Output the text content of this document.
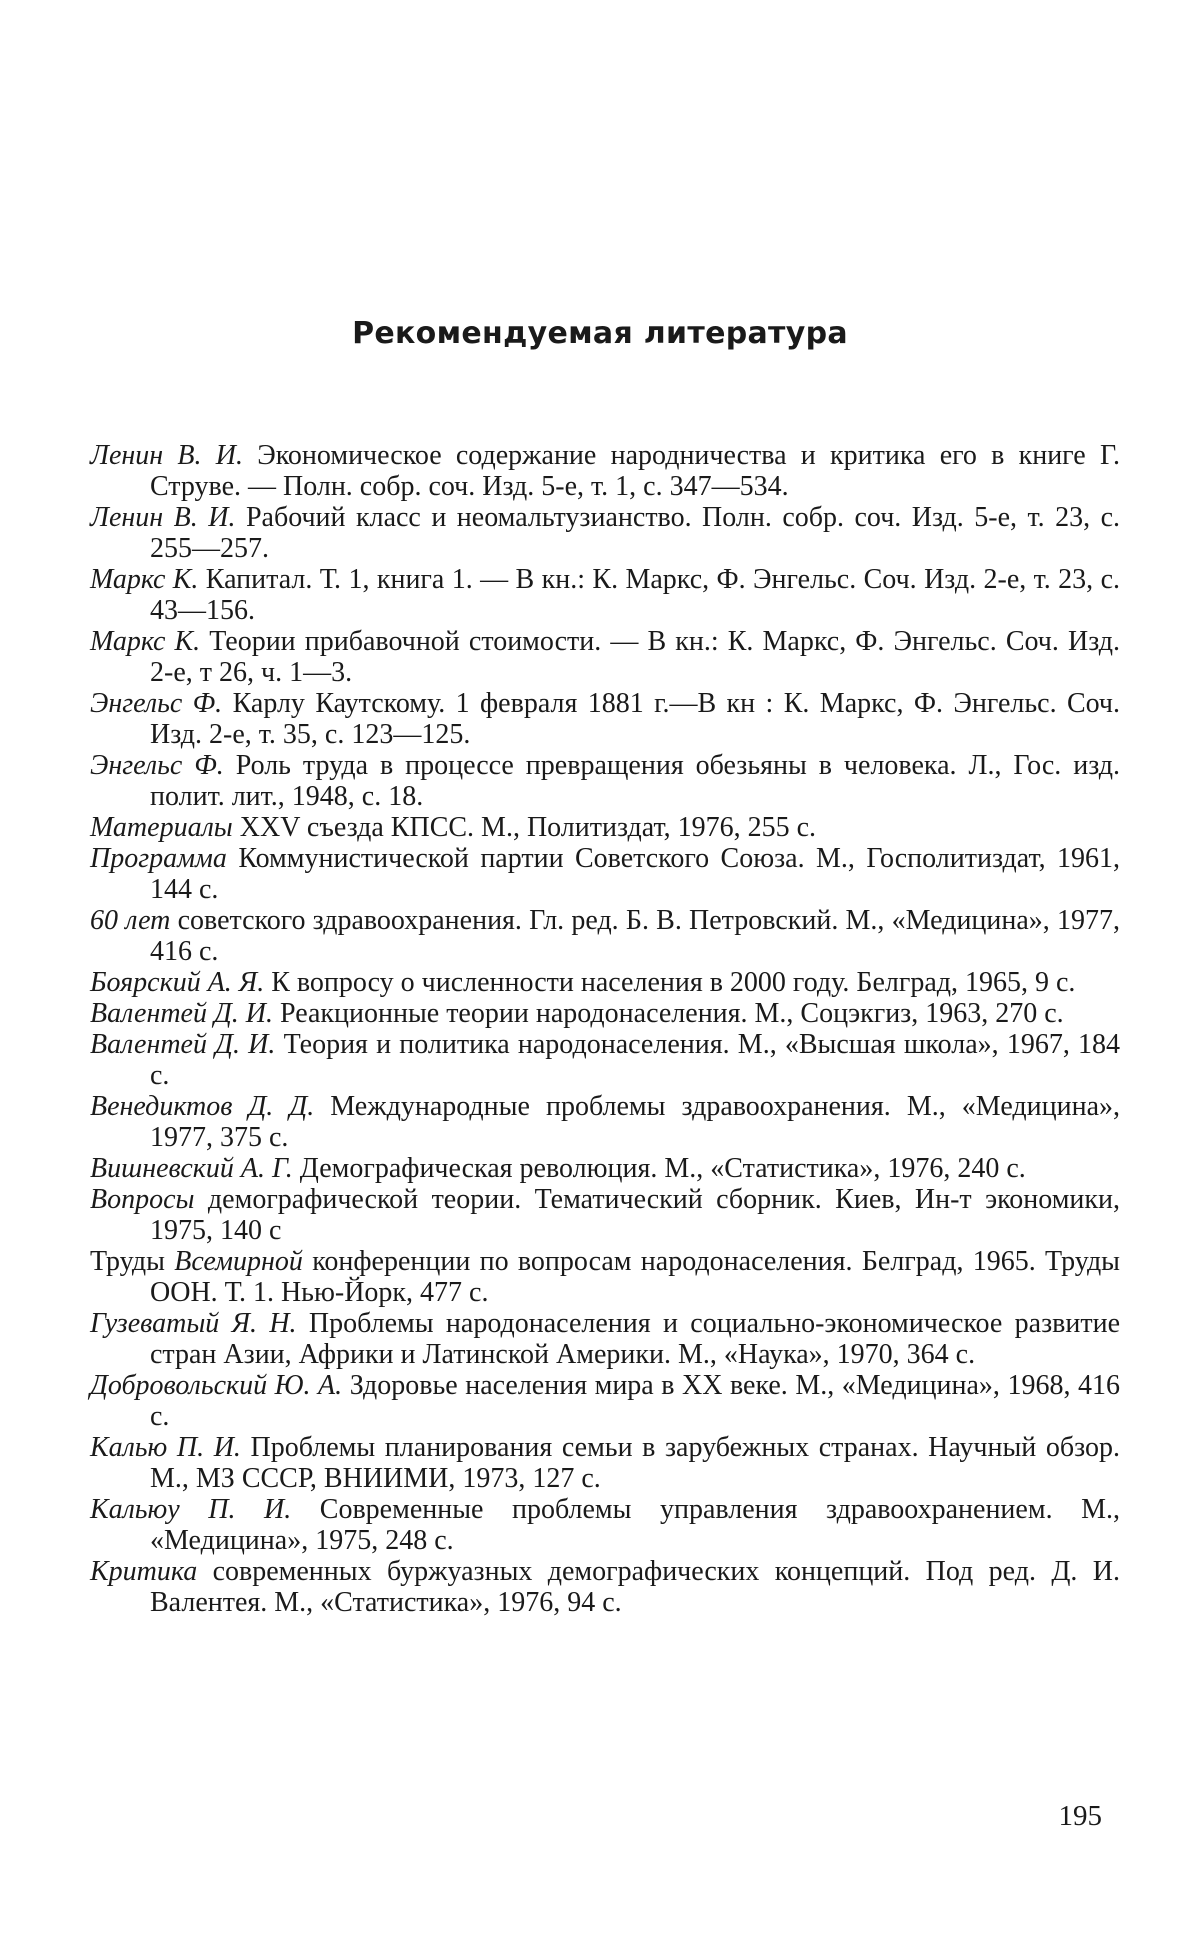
Рекомендуемая литература
Ленин В. И. Экономическое содержание народничества и критика его в книге Г. Струве. — Полн. собр. соч. Изд. 5-е, т. 1, с. 347—534.
Ленин В. И. Рабочий класс и неомальтузианство. Полн. собр. соч. Изд. 5-е, т. 23, с. 255—257.
Маркс К. Капитал. Т. 1, книга 1. — В кн.: К. Маркс, Ф. Энгельс. Соч. Изд. 2-е, т. 23, с. 43—156.
Маркс К. Теории прибавочной стоимости. — В кн.: К. Маркс, Ф. Энгельс. Соч. Изд. 2-е, т 26, ч. 1—3.
Энгельс Ф. Карлу Каутскому. 1 февраля 1881 г.—В кн : К. Маркс, Ф. Энгельс. Соч. Изд. 2-е, т. 35, с. 123—125.
Энгельс Ф. Роль труда в процессе превращения обезьяны в человека. Л., Гос. изд. полит. лит., 1948, с. 18.
Материалы XXV съезда КПСС. М., Политиздат, 1976, 255 с.
Программа Коммунистической партии Советского Союза. М., Госполитиздат, 1961, 144 с.
60 лет советского здравоохранения. Гл. ред. Б. В. Петровский. М., «Медицина», 1977, 416 с.
Боярский А. Я. К вопросу о численности населения в 2000 году. Белград, 1965, 9 с.
Валентей Д. И. Реакционные теории народонаселения. М., Соцэкгиз, 1963, 270 с.
Валентей Д. И. Теория и политика народонаселения. М., «Высшая школа», 1967, 184 с.
Венедиктов Д. Д. Международные проблемы здравоохранения. М., «Медицина», 1977, 375 с.
Вишневский А. Г. Демографическая революция. М., «Статистика», 1976, 240 с.
Вопросы демографической теории. Тематический сборник. Киев, Ин-т экономики, 1975, 140 с
Труды Всемирной конференции по вопросам народонаселения. Белград, 1965. Труды ООН. Т. 1. Нью-Йорк, 477 с.
Гузеватый Я. Н. Проблемы народонаселения и социально-экономическое развитие стран Азии, Африки и Латинской Америки. М., «Наука», 1970, 364 с.
Добровольский Ю. А. Здоровье населения мира в XX веке. М., «Медицина», 1968, 416 с.
Калью‌ П. И. Проблемы планирования семьи в зарубежных странах. Научный обзор. М., МЗ СССР, ВНИИМИ, 1973, 127 с.
Кальюу П. И. Современные проблемы управления здравоохранением. М., «Медицина», 1975, 248 с.
Критика современных буржуазных демографических концепций. Под ред. Д. И. Валентея. М., «Статистика», 1976, 94 с.
195
